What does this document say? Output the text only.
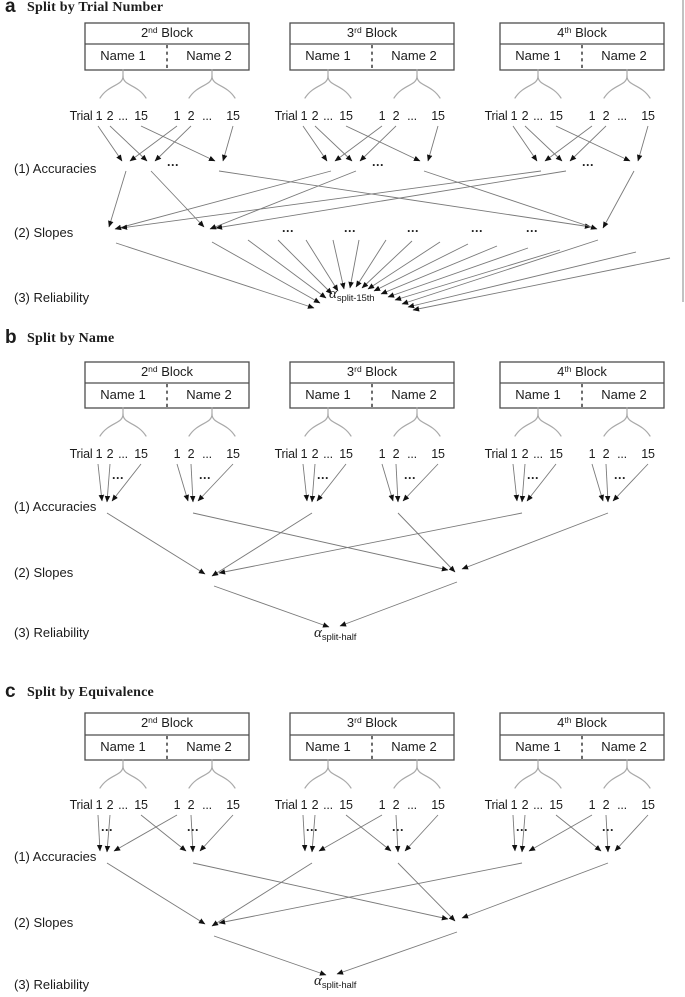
a Split by Trial Number
(1) Accuracies
(2) Slopes
(3) Reliability
2nd Block
Name 1	Name 2
Trial 1 2 ... 15 1 2 ... 15
...
3rd Block
Name 1	Name 2
Trial 1 2 ... 15 1 2 ... 15
...
4th Block
Name 1	Name 2
Trial 1 2 ... 15 1 2 ... 15
...
...	...	...	...	...
α split-15th
b Split by Name
(1) Accuracies
(2) Slopes
(3) Reliability
2nd Block
Name 1	Name 2
Trial 1 2 ... 15 1 2 ... 15
...	...
3rd Block
Name 1	Name 2
Trial 1 2 ... 15 1 2 ... 15
...	...
4th Block
Name 1	Name 2
Trial 1 2 ... 15 1 2 ... 15
...	...
α split-half
c Split by Equivalence
(1) Accuracies
(2) Slopes
(3) Reliability
2nd Block
Name 1	Name 2
Trial 1 2 ... 15 1 2 ... 15
...	...
3rd Block
Name 1	Name 2
Trial 1 2 ... 15 1 2 ... 15
...	...
4th Block
Name 1	Name 2
Trial 1 2 ... 15 1 2 ... 15
...	...
α split-half
